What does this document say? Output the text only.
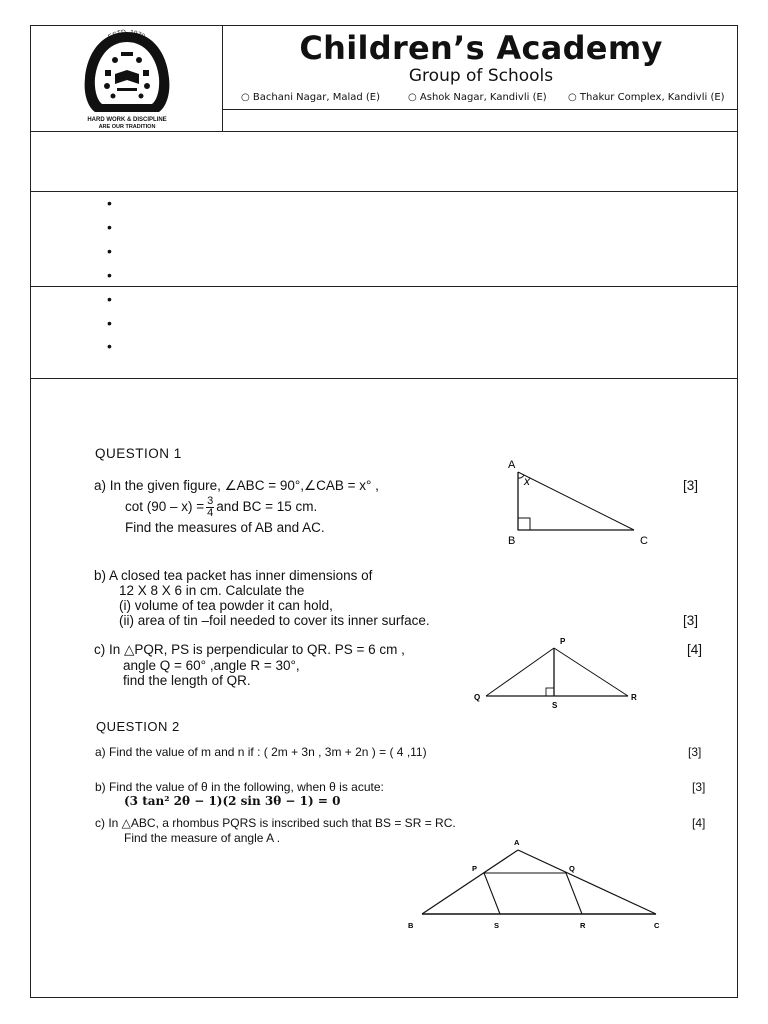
ESTD. 1970
HARD WORK & DISCIPLINE
ARE OUR TRADITION
Children’s Academy
Group of Schools
○ Bachani Nagar, Malad (E)	○ Ashok Nagar, Kandivli (E) ○ Thakur Complex, Kandivli (E)
•
•
•
•
•
•
•
QUESTION 1
a) In the given figure, ∠ABC = 90°,∠CAB = x° ,
$\cot (90 - x) = \frac{3}{4}$ and BC = 15 cm.
Find the measures of AB and AC.
[3]
A
x
B	C
b) A closed tea packet has inner dimensions of
12 X 8 X 6 in cm. Calculate the
(i) volume of tea powder it can hold,
(ii) area of tin –foil needed to cover its inner surface.	[3]
c) In △PQR, PS is perpendicular to QR. PS = 6 cm ,
angle Q = 60° ,angle R = 30°,
find the length of QR.
[4]
P
Q	R
S
QUESTION 2
a) Find the value of m and n if : ( 2m + 3n , 3m + 2n ) = ( 4 ,11)	[3]
b) Find the value of θ in the following, when θ is acute:
(3 tan² 2θ − 1)(2 sin 3θ − 1) = 0
[3]
c) In △ABC, a rhombus PQRS is inscribed such that BS = SR = RC.
Find the measure of angle A .
[4]
A
P	Q
B	S	R	C
